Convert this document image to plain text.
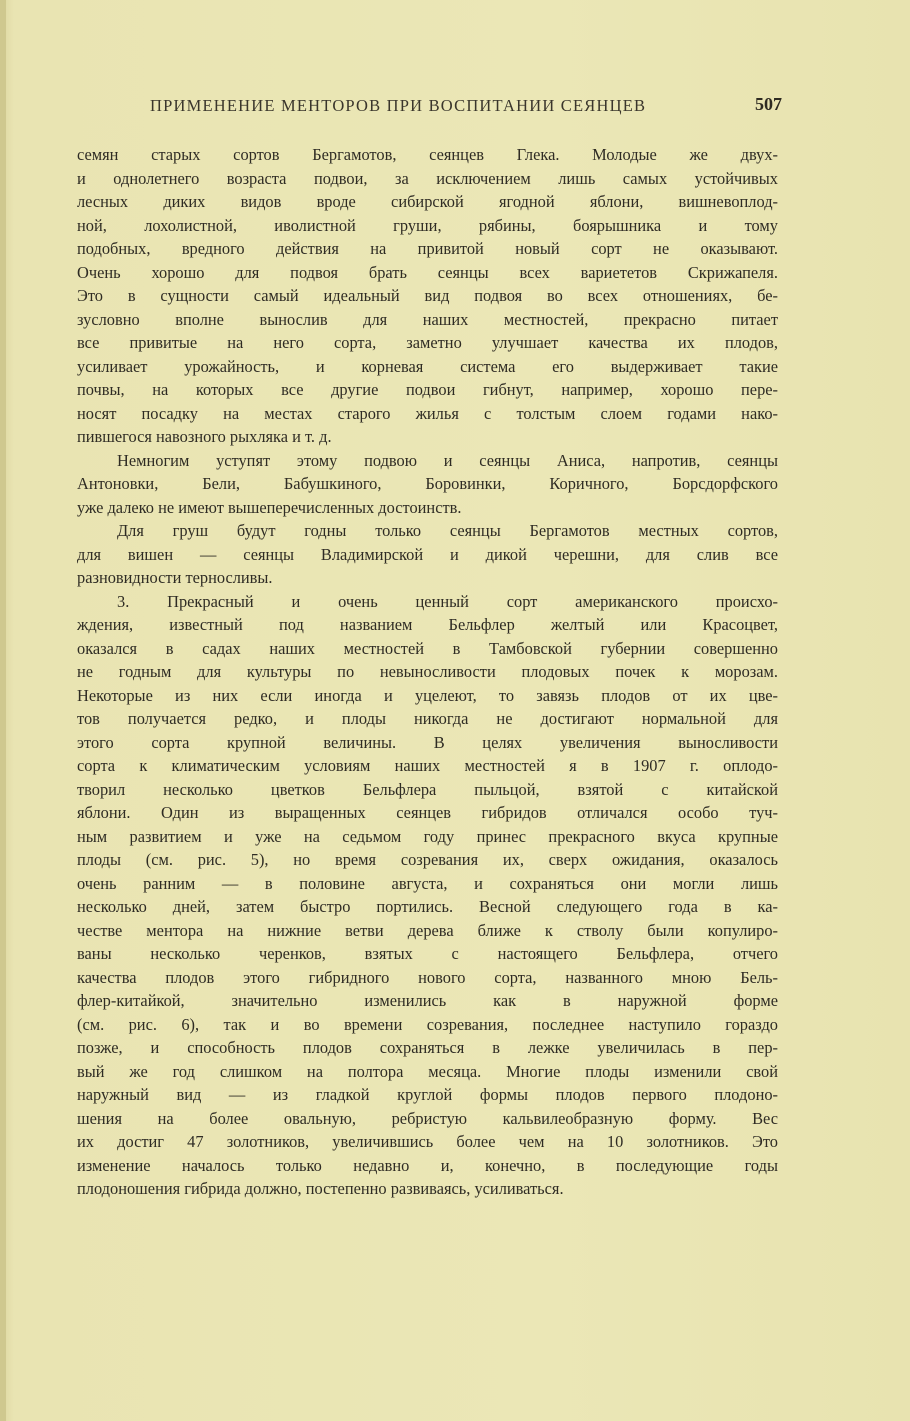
ПРИМЕНЕНИЕ МЕНТОРОВ ПРИ ВОСПИТАНИИ СЕЯНЦЕВ	507
семян старых сортов Бергамотов, сеянцев Глека. Молодые же двух-
и однолетнего возраста подвои, за исключением лишь самых устойчивых
лесных диких видов вроде сибирской ягодной яблони, вишневоплод-
ной, лохолистной, иволистной груши, рябины, боярышника и тому
подобных, вредного действия на привитой новый сорт не оказывают.
Очень хорошо для подвоя брать сеянцы всех вариететов Скрижапеля.
Это в сущности самый идеальный вид подвоя во всех отношениях, бе-
зусловно вполне вынослив для наших местностей, прекрасно питает
все привитые на него сорта, заметно улучшает качества их плодов,
усиливает урожайность, и корневая система его выдерживает такие
почвы, на которых все другие подвои гибнут, например, хорошо пере-
носят посадку на местах старого жилья с толстым слоем годами нако-
пившегося навозного рыхляка и т. д.
Немногим уступят этому подвою и сеянцы Аниса, напротив, сеянцы
Антоновки, Бели, Бабушкиного, Боровинки, Коричного, Борсдорфского
уже далеко не имеют вышеперечисленных достоинств.
Для груш будут годны только сеянцы Бергамотов местных сортов,
для вишен — сеянцы Владимирской и дикой черешни, для слив все
разновидности терносливы.
3. Прекрасный и очень ценный сорт американского происхо-
ждения, известный под названием Бельфлер желтый или Красоцвет,
оказался в садах наших местностей в Тамбовской губернии совершенно
не годным для культуры по невыносливости плодовых почек к морозам.
Некоторые из них если иногда и уцелеют, то завязь плодов от их цве-
тов получается редко, и плоды никогда не достигают нормальной для
этого сорта крупной величины. В целях увеличения выносливости
сорта к климатическим условиям наших местностей я в 1907 г. оплодо-
творил несколько цветков Бельфлера пыльцой, взятой с китайской
яблони. Один из выращенных сеянцев гибридов отличался особо туч-
ным развитием и уже на седьмом году принес прекрасного вкуса крупные
плоды (см. рис. 5), но время созревания их, сверх ожидания, оказалось
очень ранним — в половине августа, и сохраняться они могли лишь
несколько дней, затем быстро портились. Весной следующего года в ка-
честве ментора на нижние ветви дерева ближе к стволу были копулиро-
ваны несколько черенков, взятых с настоящего Бельфлера, отчего
качества плодов этого гибридного нового сорта, названного мною Бель-
флер-китайкой, значительно изменились как в наружной форме
(см. рис. 6), так и во времени созревания, последнее наступило гораздо
позже, и способность плодов сохраняться в лежке увеличилась в пер-
вый же год слишком на полтора месяца. Многие плоды изменили свой
наружный вид — из гладкой круглой формы плодов первого плодоно-
шения на более овальную, ребристую кальвилеобразную форму. Вес
их достиг 47 золотников, увеличившись более чем на 10 золотников. Это
изменение началось только недавно и, конечно, в последующие годы
плодоношения гибрида должно, постепенно развиваясь, усиливаться.
